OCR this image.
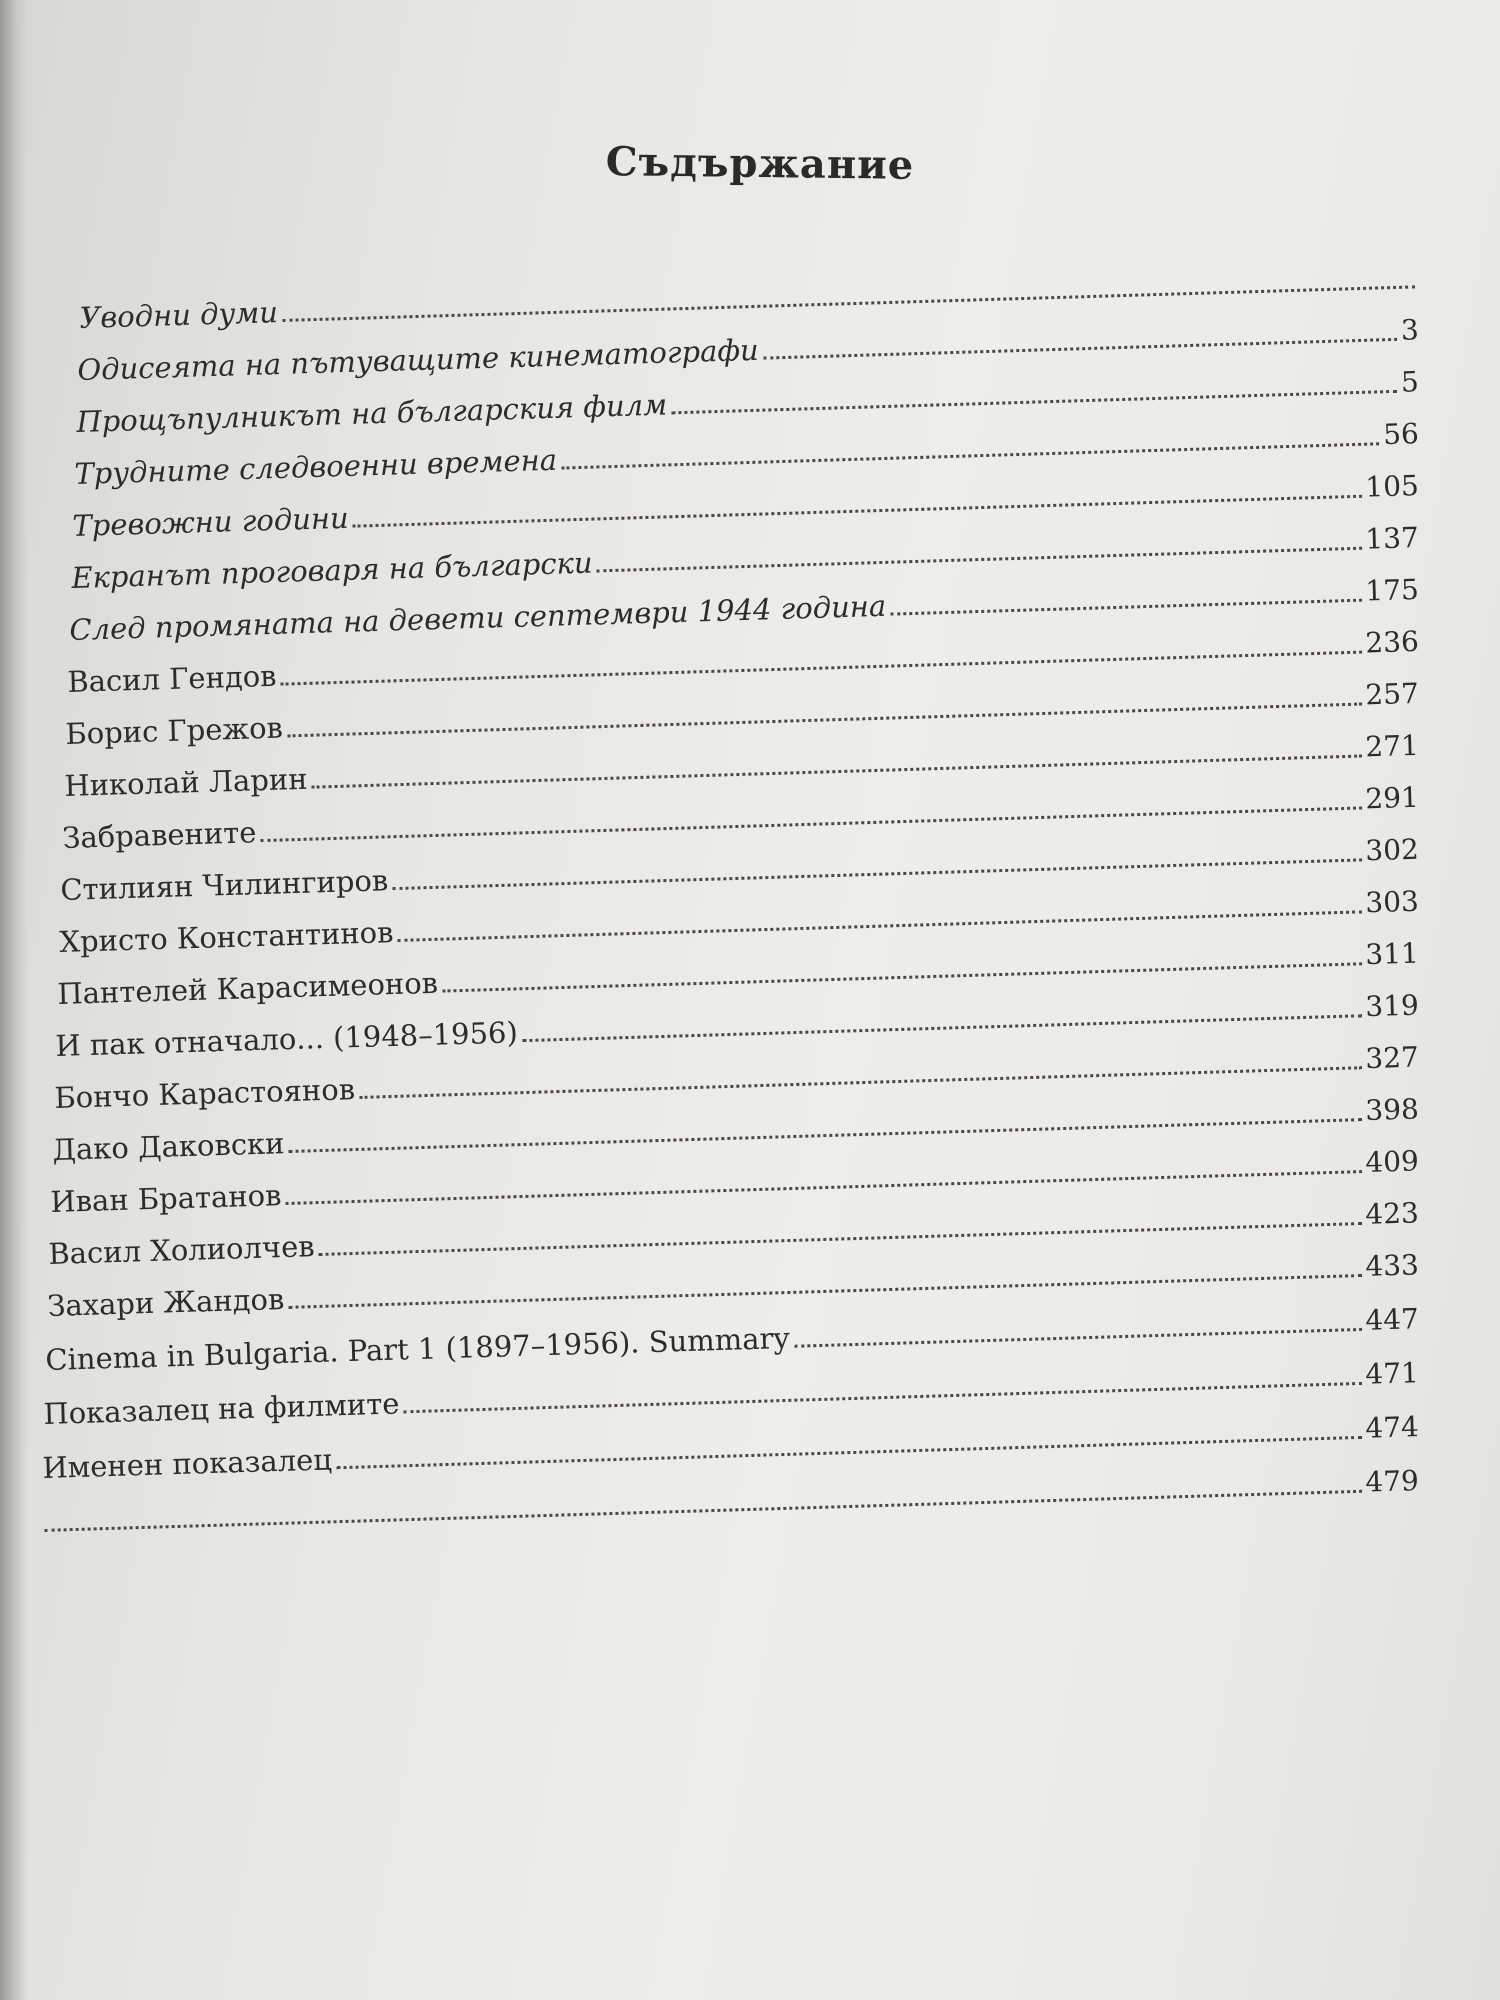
Съдържание
Уводни думи
Одисеята на пътуващите кинематографи
3
Прощъпулникът на българския филм
5
Трудните следвоенни времена
56
Тревожни години
105
Екранът проговаря на български
137
След промяната на девети септември 1944 година	175
Васил Гендов
236
Борис Грежов
257
Николай Ларин
271
Забравените
291
Стилиян Чилингиров
302
Христо Константинов
303
Пантелей Карасимеонов
311
И пак отначало... (1948–1956)
319
Бончо Карастоянов
327
Дако Даковски
398
Иван Братанов
409
Васил Холиолчев
423
Захари Жандов
433
Cinema in Bulgaria. Part 1 (1897–1956). Summary
447
Показалец на филмите
471
Именен показалец
474
479
